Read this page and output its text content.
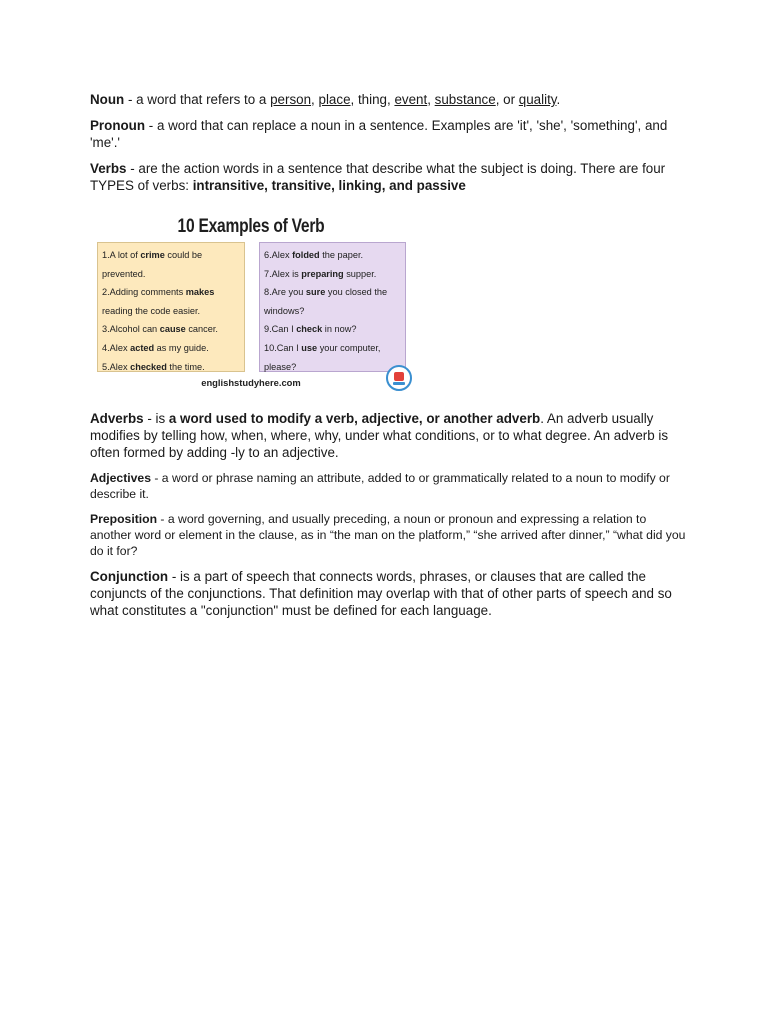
Noun - a word that refers to a person, place, thing, event, substance, or quality.

Pronoun - a word that can replace a noun in a sentence. Examples are 'it', 'she', 'something', and 'me'.'

Verbs - are the action words in a sentence that describe what the subject is doing. There are four TYPES of verbs: intransitive, transitive, linking, and passive

10 Examples of Verb
1.A lot of crime could be
prevented.
2.Adding comments makes
reading the code easier.
3.Alcohol can cause cancer.
4.Alex acted as my guide.
5.Alex checked the time.
6.Alex folded the paper.
7.Alex is preparing supper.
8.Are you sure you closed the
windows?
9.Can I check in now?
10.Can I use your computer,
please?
englishstudyhere.com

Adverbs - is a word used to modify a verb, adjective, or another adverb. An adverb usually modifies by telling how, when, where, why, under what conditions, or to what degree. An adverb is often formed by adding -ly to an adjective.

Adjectives - a word or phrase naming an attribute, added to or grammatically related to a noun to modify or describe it.

Preposition - a word governing, and usually preceding, a noun or pronoun and expressing a relation to another word or element in the clause, as in “the man on the platform,” “she arrived after dinner,” “what did you do it for?

Conjunction - is a part of speech that connects words, phrases, or clauses that are called the conjuncts of the conjunctions. That definition may overlap with that of other parts of speech and so what constitutes a "conjunction" must be defined for each language.
